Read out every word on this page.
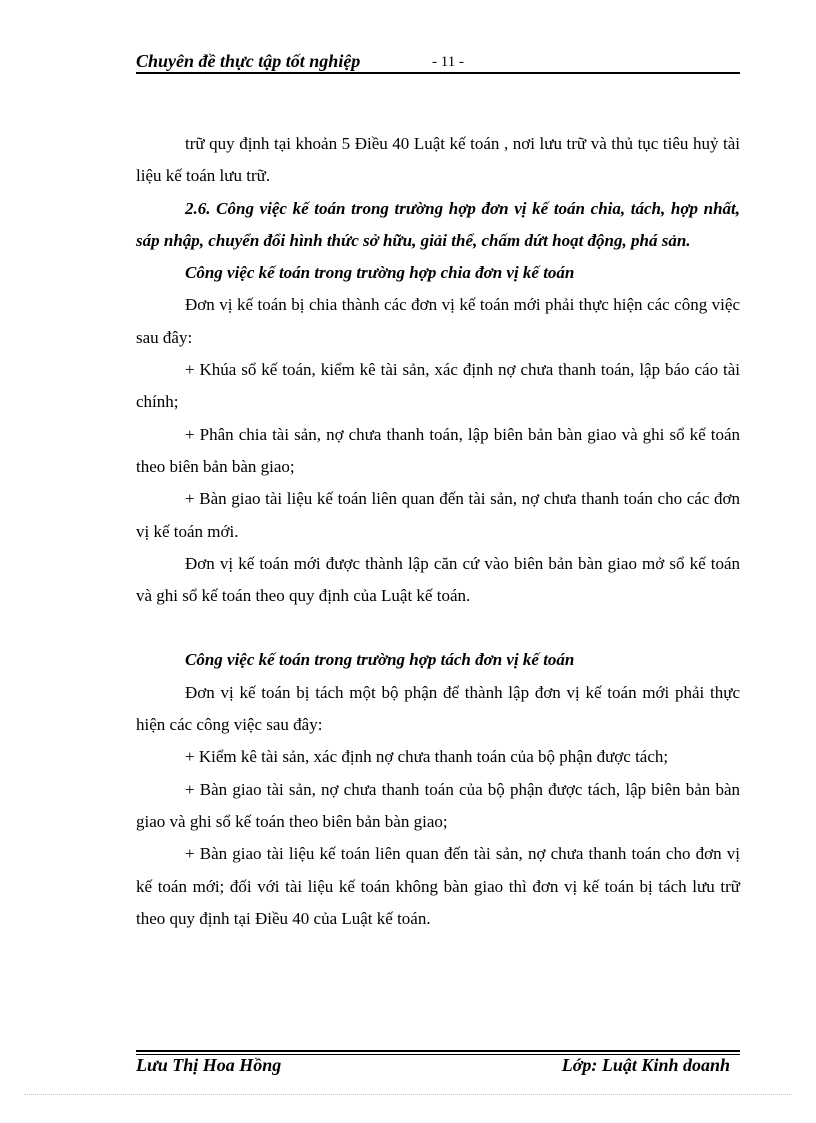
Chuyên đề thực tập tốt nghiệp	- 11 -

trữ quy định tại khoản 5 Điều 40 Luật kế toán , nơi lưu trữ và thủ tục tiêu huỷ tài liệu kế toán lưu trữ.

2.6. Công việc kế toán trong trường hợp đơn vị kế toán chia, tách, hợp nhất, sáp nhập, chuyển đổi hình thức sở hữu, giải thể, chấm dứt hoạt động, phá sản.

Công việc kế toán trong trường hợp chia đơn vị kế toán

Đơn vị kế toán bị chia thành các đơn vị kế toán mới phải thực hiện các công việc sau đây:

+ Khúa sổ kế toán, kiểm kê tài sản, xác định nợ chưa thanh toán, lập báo cáo tài chính;

+ Phân chia tài sản, nợ chưa thanh toán, lập biên bản bàn giao và ghi sổ kế toán theo biên bản bàn giao;

+ Bàn giao tài liệu kế toán liên quan đến tài sản, nợ chưa thanh toán cho các đơn vị kế toán mới.

Đơn vị kế toán mới được thành lập căn cứ vào biên bản bàn giao mở sổ kế toán và ghi sổ kế toán theo quy định của Luật kế toán.

Công việc kế toán trong trường hợp tách đơn vị kế toán

Đơn vị kế toán bị tách một bộ phận để thành lập đơn vị kế toán mới phải thực hiện các công việc sau đây:

+ Kiểm kê tài sản, xác định nợ chưa thanh toán của bộ phận được tách;

+ Bàn giao tài sản, nợ chưa thanh toán của bộ phận được tách, lập biên bản bàn giao và ghi sổ kế toán theo biên bản bàn giao;

+ Bàn giao tài liệu kế toán liên quan đến tài sản, nợ chưa thanh toán cho đơn vị kế toán mới; đối với tài liệu kế toán không bàn giao thì đơn vị kế toán bị tách lưu trữ theo quy định tại Điều 40 của Luật kế toán.

Lưu Thị Hoa Hồng	Lớp: Luật Kinh doanh
